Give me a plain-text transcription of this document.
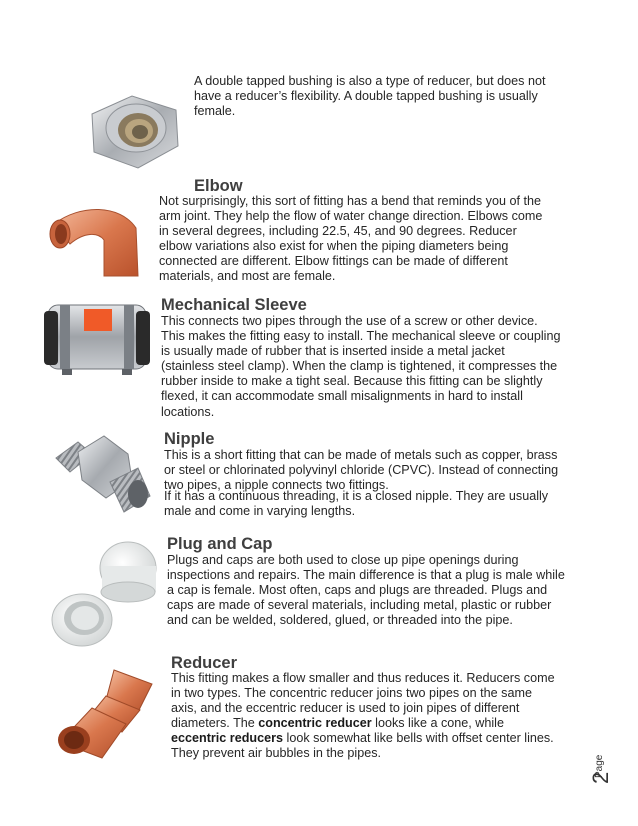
A double tapped bushing is also a type of reducer, but does not have a reducer’s flexibility. A double tapped bushing is usually female.

Elbow

Not surprisingly, this sort of fitting has a bend that reminds you of the arm joint. They help the flow of water change direction. Elbows come in several degrees, including 22.5, 45, and 90 degrees. Reducer elbow variations also exist for when the piping diameters being connected are different. Elbow fittings can be made of different materials, and most are female.

Mechanical Sleeve

This connects two pipes through the use of a screw or other device. This makes the fitting easy to install. The mechanical sleeve or coupling is usually made of rubber that is inserted inside a metal jacket (stainless steel clamp). When the clamp is tightened, it compresses the rubber inside to make a tight seal. Because this fitting can be slightly flexed, it can accommodate small misalignments in hard to install locations.

Nipple

This is a short fitting that can be made of metals such as copper, brass or steel or chlorinated polyvinyl chloride (CPVC). Instead of connecting two pipes, a nipple connects two fittings.

If it has a continuous threading, it is a closed nipple. They are usually male and come in varying lengths.

Plug and Cap

Plugs and caps are both used to close up pipe openings during inspections and repairs. The main difference is that a plug is male while a cap is female. Most often, caps and plugs are threaded. Plugs and caps are made of several materials, including metal, plastic or rubber and can be welded, soldered, glued, or threaded into the pipe.

Reducer

This fitting makes a flow smaller and thus reduces it. Reducers come in two types. The concentric reducer joins two pipes on the same axis, and the eccentric reducer is used to join pipes of different diameters. The concentric reducer looks like a cone, while eccentric reducers look somewhat like bells with offset center lines. They prevent air bubbles in the pipes.

Page
2
